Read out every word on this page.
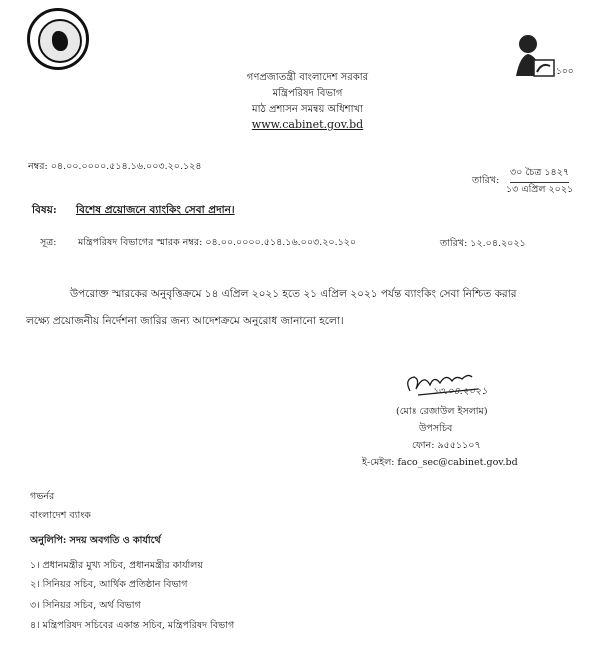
১০০
গণপ্রজাতন্ত্রী বাংলাদেশ সরকার
মন্ত্রিপরিষদ বিভাগ
মাঠ প্রশাসন সমন্বয় অধিশাখা
www.cabinet.gov.bd
নম্বর: ০৪.০০.০০০০.৫১৪.১৬.০০৩.২০.১২৪
তারিখ:
৩০ চৈত্র ১৪২৭
১৩ এপ্রিল ২০২১
বিষয়: বিশেষ প্রয়োজনে ব্যাংকিং সেবা প্রদান।
সূত্র: মন্ত্রিপরিষদ বিভাগের স্মারক নম্বর: ০৪.০০.০০০০.৫১৪.১৬.০০৩.২০.১২০	তারিখ: ১২.০৪.২০২১
উপরোক্ত স্মারকের অনুবৃত্তিক্রমে ১৪ এপ্রিল ২০২১ হতে ২১ এপ্রিল ২০২১ পর্যন্ত ব্যাংকিং সেবা নিশ্চিত করার
লক্ষ্যে প্রয়োজনীয় নির্দেশনা জারির জন্য আদেশক্রমে অনুরোধ জানানো হলো।
১৩.০৪.২০২১
(মোঃ রেজাউল ইসলাম)
উপসচিব
ফোন: ৯৫৫১১০৭
ই-মেইল: faco_sec@cabinet.gov.bd
গভর্নর
বাংলাদেশ ব্যাংক
অনুলিপি: সদয় অবগতি ও কার্যার্থে
১। প্রধানমন্ত্রীর মুখ্য সচিব, প্রধানমন্ত্রীর কার্যালয়
২। সিনিয়র সচিব, আর্থিক প্রতিষ্ঠান বিভাগ
৩। সিনিয়র সচিব, অর্থ বিভাগ
৪। মন্ত্রিপরিষদ সচিবের একান্ত সচিব, মন্ত্রিপরিষদ বিভাগ
